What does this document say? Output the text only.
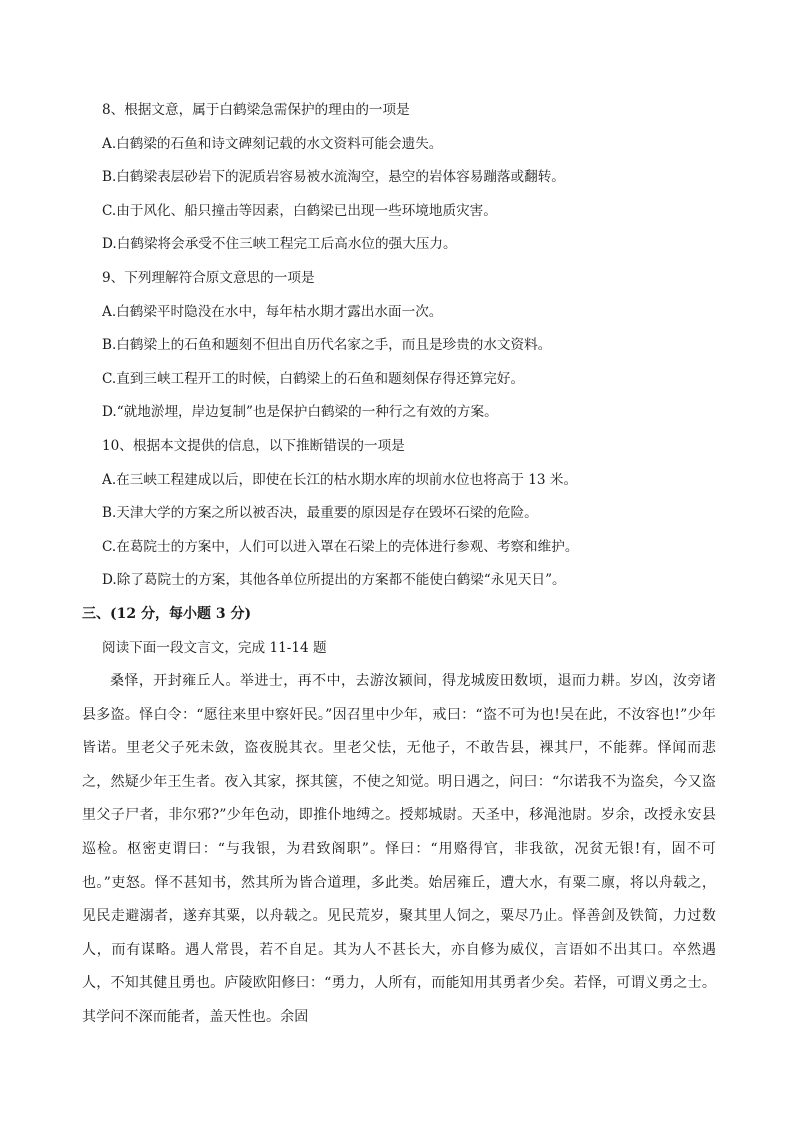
8、根据文意，属于白鹤梁急需保护的理由的一项是

A.白鹤梁的石鱼和诗文碑刻记载的水文资料可能会遗失。

B.白鹤梁表层砂岩下的泥质岩容易被水流淘空，悬空的岩体容易蹦落或翻转。

C.由于风化、船只撞击等因素，白鹤梁已出现一些环境地质灾害。

D.白鹤梁将会承受不住三峡工程完工后高水位的强大压力。

9、下列理解符合原文意思的一项是

A.白鹤梁平时隐没在水中，每年枯水期才露出水面一次。

B.白鹤梁上的石鱼和题刻不但出自历代名家之手，而且是珍贵的水文资料。

C.直到三峡工程开工的时候，白鹤梁上的石鱼和题刻保存得还算完好。

D.“就地淤埋，岸边复制”也是保护白鹤梁的一种行之有效的方案。

10、根据本文提供的信息，以下推断错误的一项是

A.在三峡工程建成以后，即使在长江的枯水期水库的坝前水位也将高于 13 米。

B.天津大学的方案之所以被否决，最重要的原因是存在毁坏石梁的危险。

C.在葛院士的方案中，人们可以进入罩在石梁上的壳体进行参观、考察和维护。

D.除了葛院士的方案，其他各单位所提出的方案都不能使白鹤梁“永见天日”。

三、(12 分，每小题 3 分)

阅读下面一段文言文，完成 11-14 题

桑怿，开封雍丘人。举进士，再不中，去游汝颍间，得龙城废田数顷，退而力耕。岁凶，汝旁诸县多盗。怿白令：“愿往来里中察奸民。”因召里中少年，戒曰：“盗不可为也!吴在此，不汝容也!”少年皆诺。里老父子死未敛，盗夜脱其衣。里老父怯，无他子，不敢告县，裸其尸，不能葬。怿闻而悲之，然疑少年王生者。夜入其家，探其箧，不使之知觉。明日遇之，问曰：“尔诺我不为盗矣，今又盗里父子尸者，非尔邪?”少年色动，即推仆地缚之。授郏城尉。天圣中，移渑池尉。岁余，改授永安县巡检。枢密吏谓曰：“与我银，为君致阁职”。怿曰：“用赂得官，非我欲，况贫无银!有，固不可也。”吏怒。怿不甚知书，然其所为皆合道理，多此类。始居雍丘，遭大水，有粟二廪，将以舟载之，见民走避溺者，遂弃其粟，以舟载之。见民荒岁，聚其里人饲之，粟尽乃止。怿善剑及铁简，力过数人，而有谋略。遇人常畏，若不自足。其为人不甚长大，亦自修为威仪，言语如不出其口。卒然遇人，不知其健且勇也。庐陵欧阳修曰：“勇力，人所有，而能知用其勇者少矣。若怿，可谓义勇之士。其学问不深而能者，盖天性也。余固
